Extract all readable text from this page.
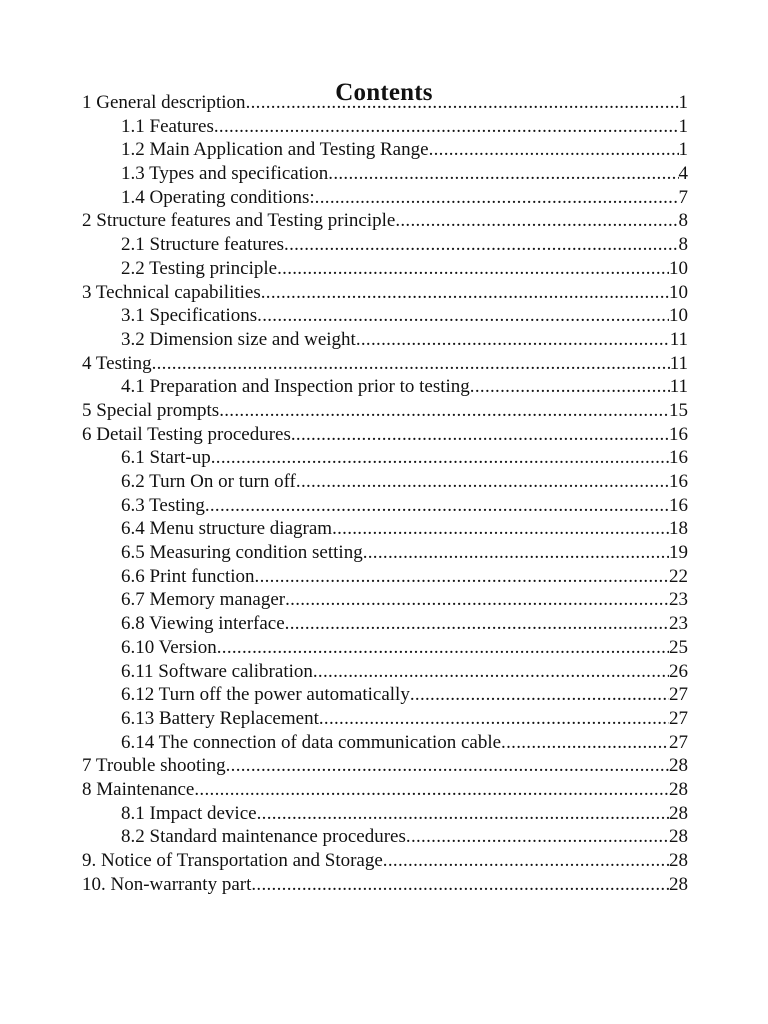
Contents
1 General description .....	1
1.1 Features .....	1
1.2 Main Application and Testing Range .....	1
1.3 Types and specification .....	4
1.4 Operating conditions: .....	7
2 Structure features and Testing principle .....	8
2.1 Structure features .....	8
2.2 Testing principle .....	10
3 Technical capabilities .....	10
3.1 Specifications .....	10
3.2 Dimension size and weight .....	11
4 Testing .....	11
4.1 Preparation and Inspection prior to testing .....	11
5 Special prompts .....	15
6 Detail Testing procedures .....	16
6.1 Start-up .....	16
6.2 Turn On or turn off .....	16
6.3 Testing .....	16
6.4 Menu structure diagram .....	18
6.5 Measuring condition setting .....	19
6.6 Print function .....	22
6.7 Memory manager .....	23
6.8 Viewing interface .....	23
6.10 Version .....	25
6.11 Software calibration .....	26
6.12 Turn off the power automatically .....	27
6.13 Battery Replacement .....	27
6.14 The connection of data communication cable .....	27
7 Trouble shooting .....	28
8 Maintenance .....	28
8.1 Impact device .....	28
8.2 Standard maintenance procedures .....	28
9. Notice of Transportation and Storage .....	28
10. Non-warranty part .....	28
